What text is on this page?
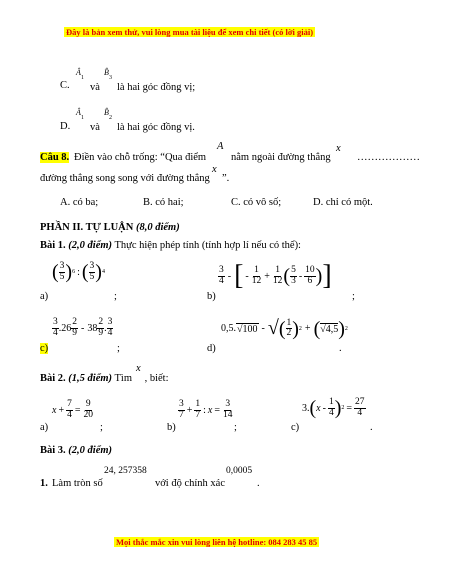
Đây là bản xem thử, vui lòng mua tài liệu để xem chi tiết (có lời giải)
C.
Â
1
và
B̂
3
là hai góc đồng vị;
D.
Â
1
và
B̂
2
là hai góc đồng vị.
Câu 8. Điền vào chỗ trống: “Qua điểm
A
nằm ngoài đường thẳng
x
………………
đường thẳng song song với đường thẳng
x
”.
A. có ba;	B. có hai;	C. có vô số;	D. chỉ có một.
PHẦN II. TỰ LUẬN (8,0 điểm)
Bài 1. (2,0 điểm) Thực hiện phép tính (tính hợp lí nếu có thể):
( $\frac{3}{5}$ ) 6 : ( $\frac{3}{5}$ ) 4
a)	;
$\frac{3}{4}$ - [ - $\frac{1}{12} + \frac{1}{12}$ ( $\frac{5}{3} - \frac{10}{6}$ ) ]
b)	;
$\frac{3}{4} .26 \frac{2}{9} - 38 \frac{2}{9}$ . $\frac{3}{4}$
c)	;
0,5. √100 - √ ( $\frac{1}{2}$ ) 2 + ( √4,5 ) 2
d)	.
Bài 2. (1,5 điểm) Tìm , biết:
x
$x + \frac{7}{4} = \frac{9}{20}$
a)	;
$\frac{3}{7} + \frac{1}{7}$ : $x = \frac{3}{14}$
b)	;
3. ( x - $\frac{1}{4}$ ) $2 = \frac{27}{4}$
c)	.
Bài 3. (2,0 điểm)
1. Làm tròn số
24, 257358
với độ chính xác
0,0005
.
Mọi thắc mắc xin vui lòng liên hệ hotline: 084 283 45 85
